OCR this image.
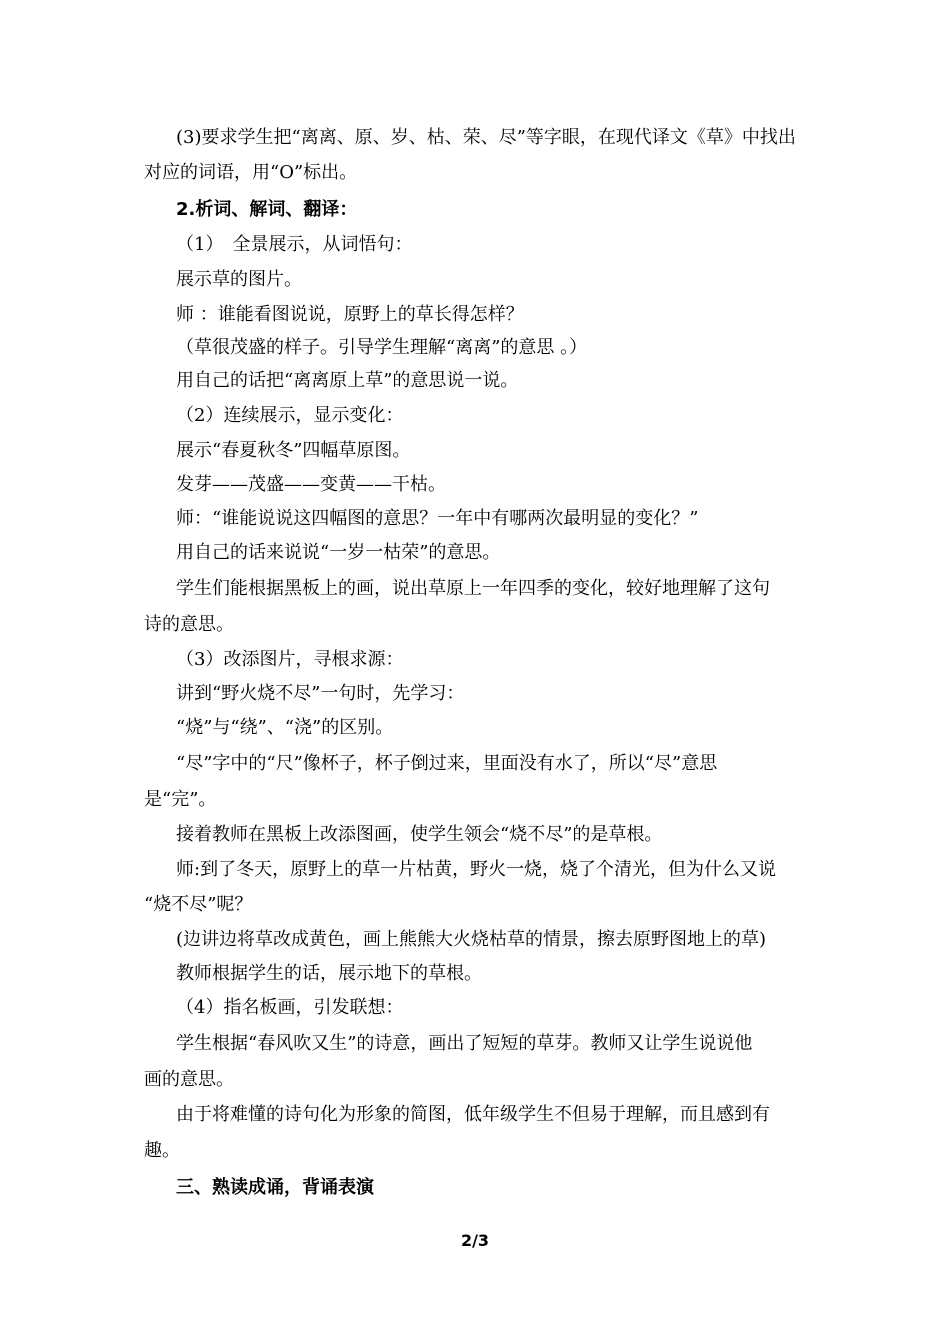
(3)要求学生把“离离、原、岁、枯、荣、尽”等字眼，在现代译文《草》中找出
对应的词语，用“O”标出。
2.析词、解词、翻译：
（1）　全景展示，从词悟句：
展示草的图片。
师 ：谁能看图说说，原野上的草长得怎样？
（草很茂盛的样子。引导学生理解“离离”的意思 。）
用自己的话把“离离原上草”的意思说一说。
（2）连续展示，显示变化：
展示“春夏秋冬”四幅草原图。
发芽——茂盛——变黄——干枯。
师：“谁能说说这四幅图的意思？一年中有哪两次最明显的变化？”
用自己的话来说说“一岁一枯荣”的意思。
学生们能根据黑板上的画，说出草原上一年四季的变化，较好地理解了这句
诗的意思。
（3）改添图片，寻根求源：
讲到“野火烧不尽”一句时，先学习：
“烧”与“绕”、“浇”的区别。
“尽”字中的“尺”像杯子，杯子倒过来，里面没有水了，所以“尽”意思
是“完”。
接着教师在黑板上改添图画，使学生领会“烧不尽”的是草根。
师:到了冬天，原野上的草一片枯黄，野火一烧，烧了个清光，但为什么又说
“烧不尽”呢？
(边讲边将草改成黄色，画上熊熊大火烧枯草的情景，擦去原野图地上的草)
教师根据学生的话，展示地下的草根。
（4）指名板画，引发联想：
学生根据“春风吹又生”的诗意，画出了短短的草芽。教师又让学生说说他
画的意思。
由于将难懂的诗句化为形象的简图，低年级学生不但易于理解，而且感到有
趣。
三、熟读成诵，背诵表演
2/3
